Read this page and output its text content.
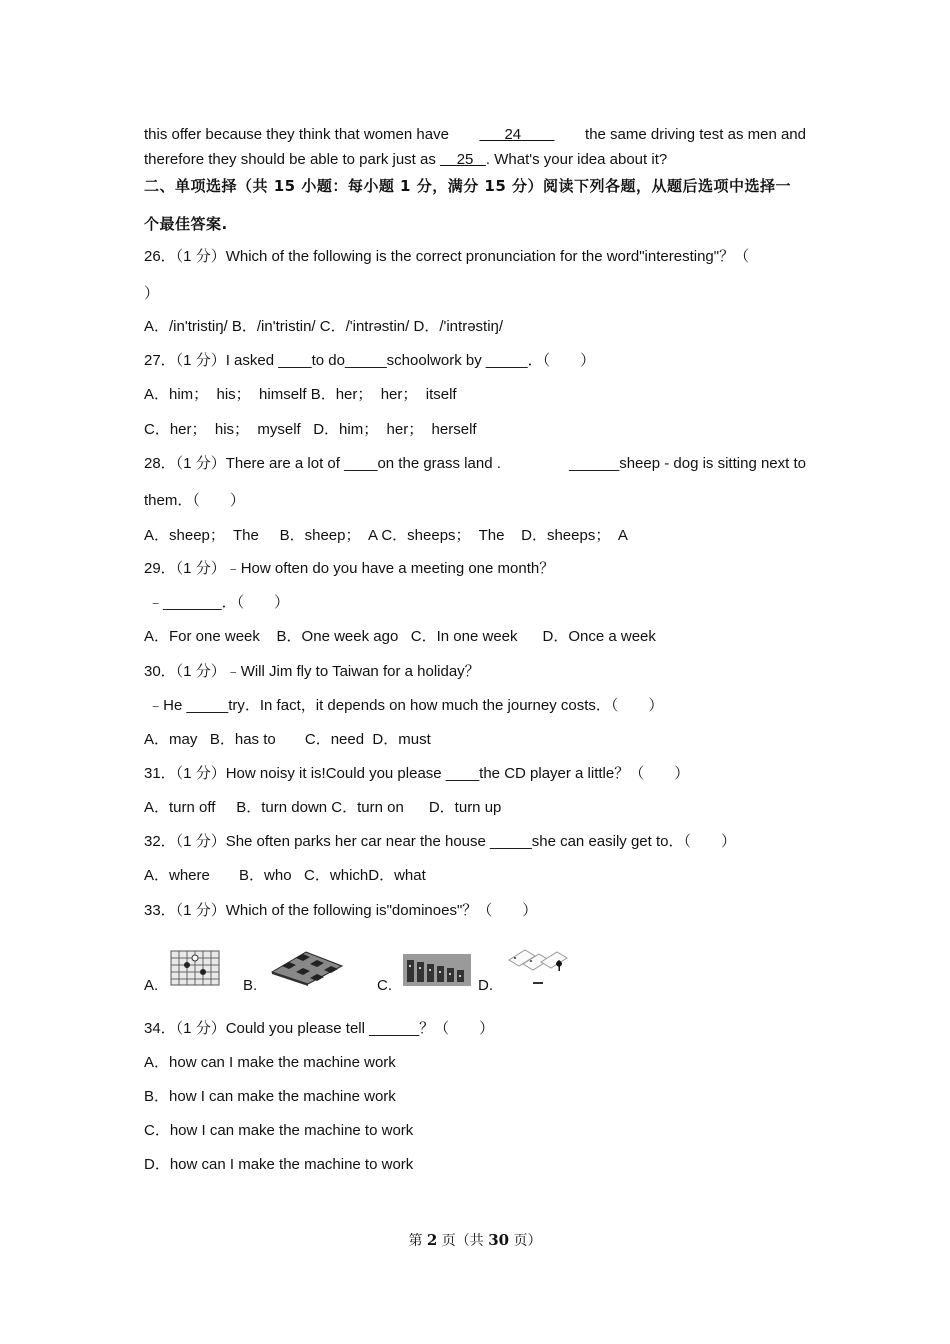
this offer because they think that women have	24	the same driving test as men and
therefore they should be able to park just as 25 . What's your idea about it?
二、单项选择（共 15 小题：每小题 1 分，满分 15 分）阅读下列各题，从题后选项中选择一
个最佳答案.
26．（1 分）Which of the following is the correct pronunciation for the word"interesting"？（
）
A．/in'tristiŋ/ B．/in'tristin/ C．/'intrəstin/ D．/'intrəstiŋ/
27．（1 分）I asked ____to do_____schoolwork by _____．（　　）
A．him；  his；  himself B．her；  her；  itself
C．her；  his；  myself   D．him；  her；  herself
28．（1 分）There are a lot of ____on the grass land .	______sheep - dog is sitting next to
them．（　　）
A．sheep；  The     B．sheep；  A C．sheeps；  The    D．sheeps；  A
29．（1 分）﹣How often do you have a meeting one month？
﹣_______．（　　）
A．For one week    B．One week ago   C．In one week      D．Once a week
30．（1 分）﹣Will Jim fly to Taiwan for a holiday？
﹣He _____try．In fact，it depends on how much the journey costs．（　　）
A．may   B．has to       C．need  D．must
31．（1 分）How noisy it is!Could you please ____the CD player a little？（　　）
A．turn off     B．turn down C．turn on      D．turn up
32．（1 分）She often parks her car near the house _____she can easily get to．（　　）
A．where       B．who   C．whichD．what
33．（1 分）Which of the following is"dominoes"？（　　）
A.	B.	C.	D.
34．（1 分）Could you please tell ______？（　　）
A．how can I make the machine work
B．how I can make the machine work
C．how I can make the machine to work
D．how can I make the machine to work
第 2 页（共 30 页）
